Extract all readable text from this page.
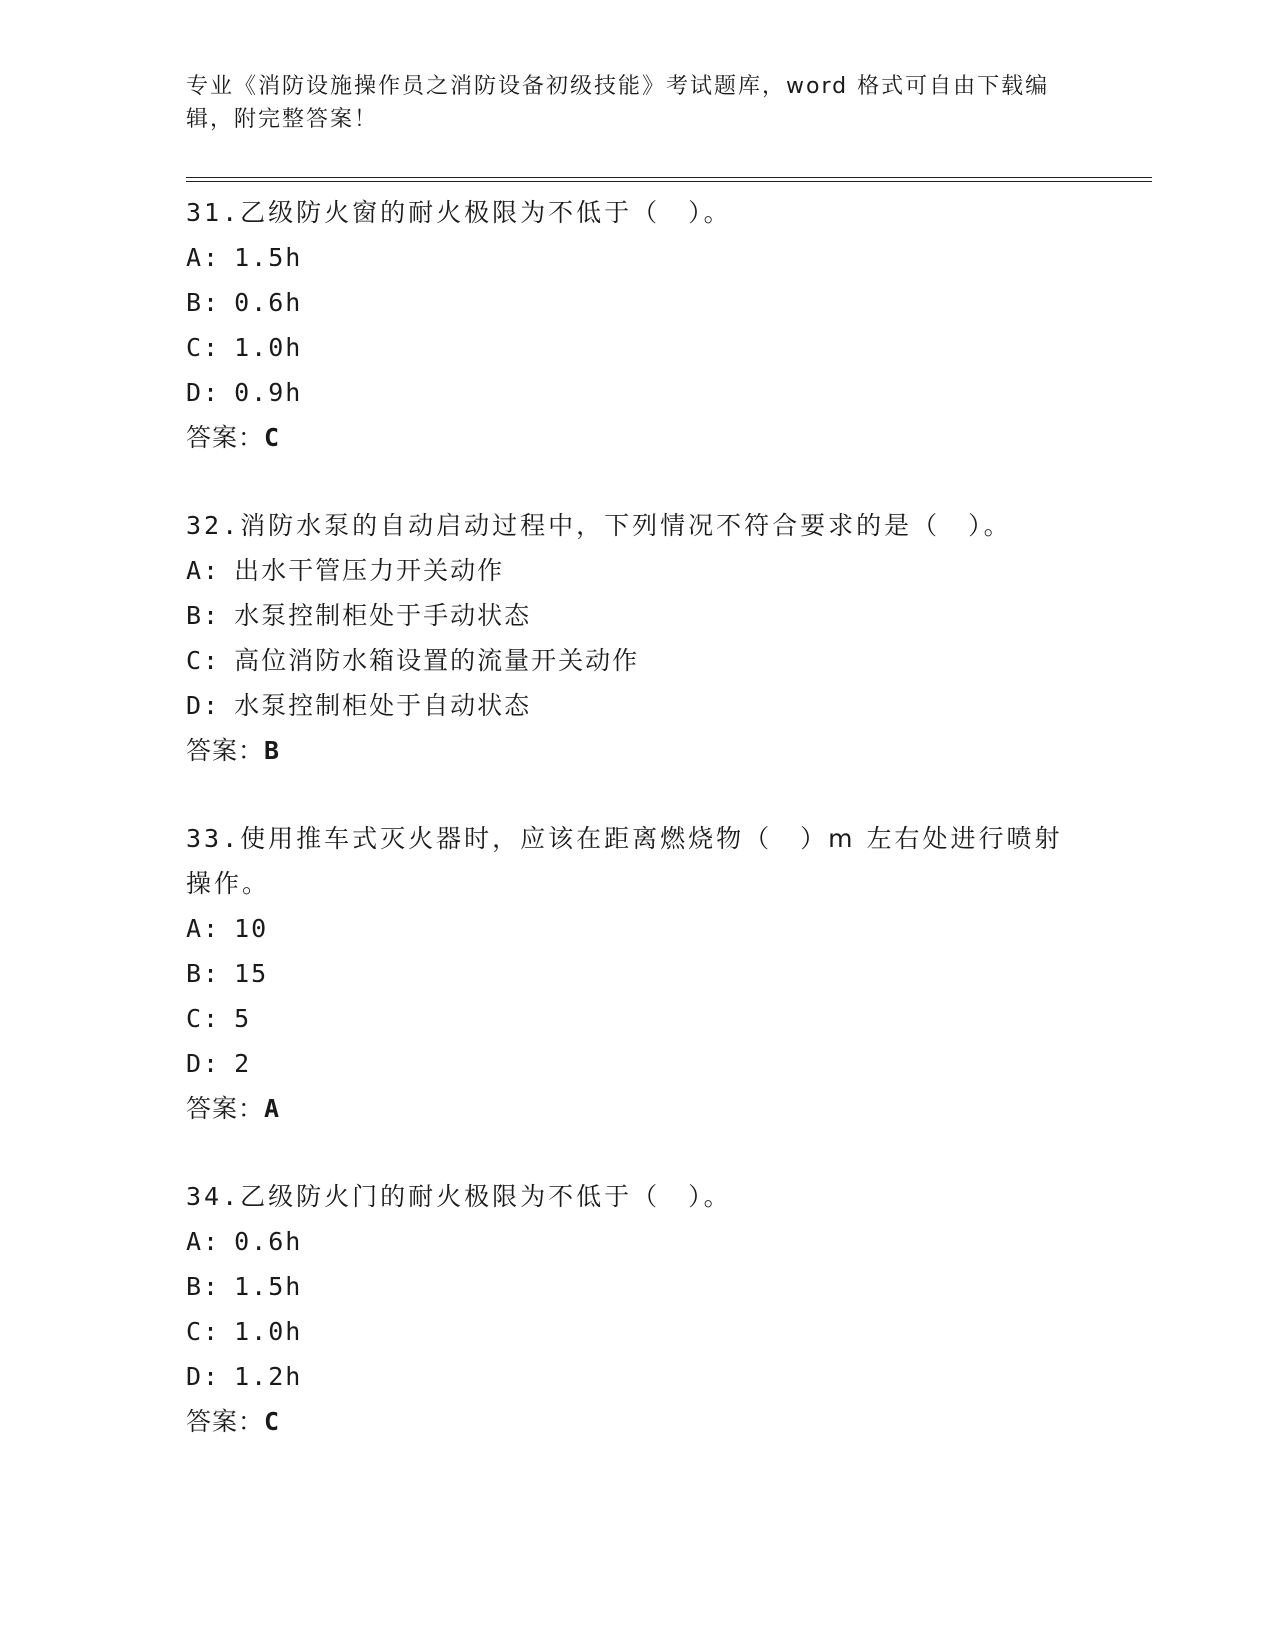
专业《消防设施操作员之消防设备初级技能》考试题库，word 格式可自由下载编辑，附完整答案！
31.乙级防火窗的耐火极限为不低于（　）。
A: 1.5h
B: 0.6h
C: 1.0h
D: 0.9h
答案：C
32.消防水泵的自动启动过程中，下列情况不符合要求的是（　）。
A: 出水干管压力开关动作
B: 水泵控制柜处于手动状态
C: 高位消防水箱设置的流量开关动作
D: 水泵控制柜处于自动状态
答案：B
33.使用推车式灭火器时，应该在距离燃烧物（　）m 左右处进行喷射操作。
A: 10
B: 15
C: 5
D: 2
答案：A
34.乙级防火门的耐火极限为不低于（　）。
A: 0.6h
B: 1.5h
C: 1.0h
D: 1.2h
答案：C
